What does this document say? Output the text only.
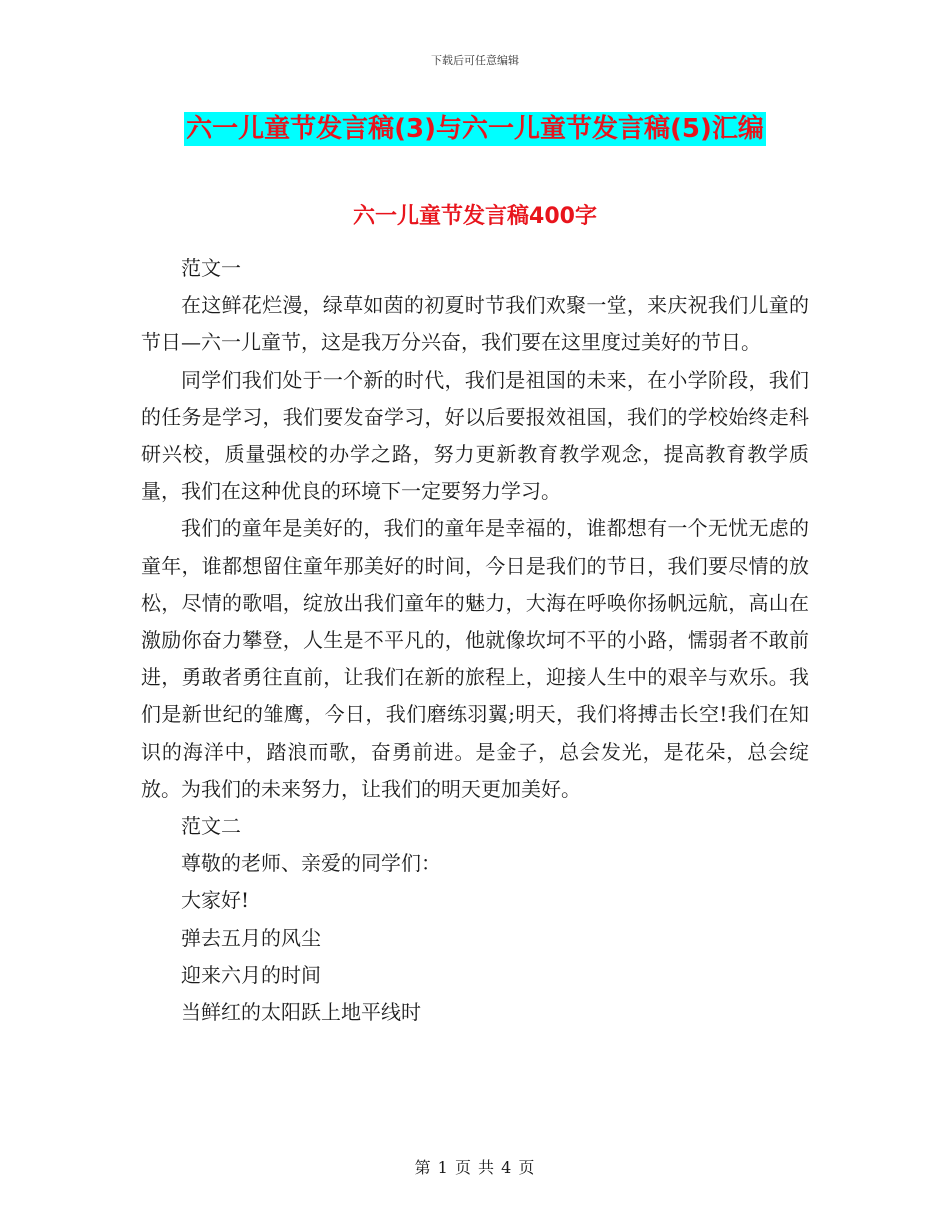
下载后可任意编辑
六一儿童节发言稿(3)与六一儿童节发言稿(5)汇编
六一儿童节发言稿400字

范文一

在这鲜花烂漫，绿草如茵的初夏时节我们欢聚一堂，来庆祝我们儿童的节日—六一儿童节，这是我万分兴奋，我们要在这里度过美好的节日。

同学们我们处于一个新的时代，我们是祖国的未来，在小学阶段，我们的任务是学习，我们要发奋学习，好以后要报效祖国，我们的学校始终走科研兴校，质量强校的办学之路，努力更新教育教学观念，提高教育教学质量，我们在这种优良的环境下一定要努力学习。

我们的童年是美好的，我们的童年是幸福的，谁都想有一个无忧无虑的童年，谁都想留住童年那美好的时间，今日是我们的节日，我们要尽情的放松，尽情的歌唱，绽放出我们童年的魅力，大海在呼唤你扬帆远航，高山在激励你奋力攀登，人生是不平凡的，他就像坎坷不平的小路，懦弱者不敢前进，勇敢者勇往直前，让我们在新的旅程上，迎接人生中的艰辛与欢乐。我们是新世纪的雏鹰，今日，我们磨练羽翼;明天，我们将搏击长空!我们在知识的海洋中，踏浪而歌，奋勇前进。是金子，总会发光，是花朵，总会绽放。为我们的未来努力，让我们的明天更加美好。

范文二

尊敬的老师、亲爱的同学们：

大家好!

弹去五月的风尘

迎来六月的时间

当鲜红的太阳跃上地平线时

第 1 页 共 4 页
